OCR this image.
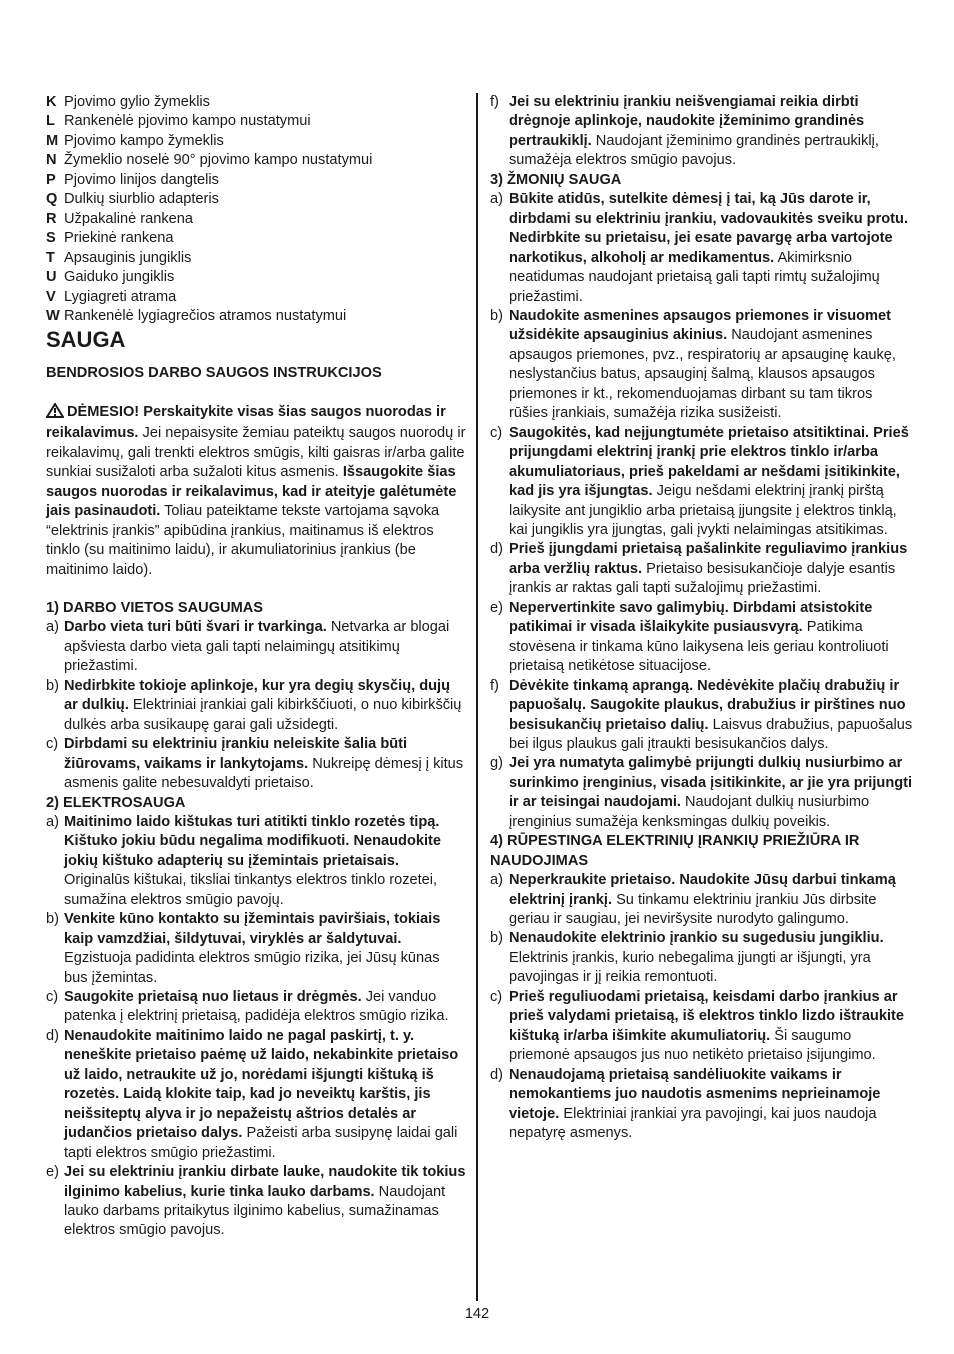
K Pjovimo gylio žymeklis
L Rankenėlė pjovimo kampo nustatymui
M Pjovimo kampo žymeklis
N Žymeklio noselė 90° pjovimo kampo nustatymui
P Pjovimo linijos dangtelis
Q Dulkių siurblio adapteris
R Užpakalinė rankena
S Priekinė rankena
T Apsauginis jungiklis
U Gaiduko jungiklis
V Lygiagreti atrama
W Rankenėlė lygiagrečios atramos nustatymui
SAUGA
BENDROSIOS DARBO SAUGOS INSTRUKCIJOS
DĖMESIO! Perskaitykite visas šias saugos nuorodas ir reikalavimus. Jei nepaisysite žemiau pateiktų saugos nuorodų ir reikalavimų, gali trenkti elektros smūgis, kilti gaisras ir/arba galite sunkiai susižaloti arba sužaloti kitus asmenis. Išsaugokite šias saugos nuorodas ir reikalavimus, kad ir ateityje galėtumėte jais pasinaudoti. Toliau pateiktame tekste vartojama sąvoka “elektrinis įrankis” apibūdina įrankius, maitinamus iš elektros tinklo (su maitinimo laidu), ir akumuliatorinius įrankius (be maitinimo laido).
1) DARBO VIETOS SAUGUMAS
a) Darbo vieta turi būti švari ir tvarkinga. Netvarka ar blogai apšviesta darbo vieta gali tapti nelaimingų atsitikimų priežastimi.
b) Nedirbkite tokioje aplinkoje, kur yra degių skysčių, dujų ar dulkių. Elektriniai įrankiai gali kibirkščiuoti, o nuo kibirkščių dulkės arba susikaupę garai gali užsidegti.
c) Dirbdami su elektriniu įrankiu neleiskite šalia būti žiūrovams, vaikams ir lankytojams. Nukreipę dėmesį į kitus asmenis galite nebesuvaldyti prietaiso.
2) ELEKTROSAUGA
a) Maitinimo laido kištukas turi atitikti tinklo rozetės tipą. Kištuko jokiu būdu negalima modifikuoti. Nenaudokite jokių kištuko adapterių su įžemintais prietaisais. Originalūs kištukai, tiksliai tinkantys elektros tinklo rozetei, sumažina elektros smūgio pavojų.
b) Venkite kūno kontakto su įžemintais paviršiais, tokiais kaip vamzdžiai, šildytuvai, viryklės ar šaldytuvai. Egzistuoja padidinta elektros smūgio rizika, jei Jūsų kūnas bus įžemintas.
c) Saugokite prietaisą nuo lietaus ir drėgmės. Jei vanduo patenka į elektrinį prietaisą, padidėja elektros smūgio rizika.
d) Nenaudokite maitinimo laido ne pagal paskirtį, t. y. neneškite prietaiso paėmę už laido, nekabinkite prietaiso už laido, netraukite už jo, norėdami išjungti kištuką iš rozetės. Laidą klokite taip, kad jo neveiktų karštis, jis neišsiteptų alyva ir jo nepažeistų aštrios detalės ar judančios prietaiso dalys. Pažeisti arba susipynę laidai gali tapti elektros smūgio priežastimi.
e) Jei su elektriniu įrankiu dirbate lauke, naudokite tik tokius ilginimo kabelius, kurie tinka lauko darbams. Naudojant lauko darbams pritaikytus ilginimo kabelius, sumažinamas elektros smūgio pavojus.
f) Jei su elektriniu įrankiu neišvengiamai reikia dirbti drėgnoje aplinkoje, naudokite įžeminimo grandinės pertraukiklį. Naudojant įžeminimo grandinės pertraukiklį, sumažėja elektros smūgio pavojus.
3) ŽMONIŲ SAUGA
a) Būkite atidūs, sutelkite dėmesį į tai, ką Jūs darote ir, dirbdami su elektriniu įrankiu, vadovaukitės sveiku protu. Nedirbkite su prietaisu, jei esate pavargę arba vartojote narkotikus, alkoholį ar medikamentus. Akimirksnio neatidumas naudojant prietaisą gali tapti rimtų sužalojimų priežastimi.
b) Naudokite asmenines apsaugos priemones ir visuomet užsidėkite apsauginius akinius. Naudojant asmenines apsaugos priemones, pvz., respiratorių ar apsauginę kaukę, neslystančius batus, apsauginį šalmą, klausos apsaugos priemones ir kt., rekomenduojamas dirbant su tam tikros rūšies įrankiais, sumažėja rizika susižeisti.
c) Saugokitės, kad neįjungtumėte prietaiso atsitiktinai. Prieš prijungdami elektrinį įrankį prie elektros tinklo ir/arba akumuliatoriaus, prieš pakeldami ar nešdami įsitikinkite, kad jis yra išjungtas. Jeigu nešdami elektrinį įrankį pirštą laikysite ant jungiklio arba prietaisą įjungsite į elektros tinklą, kai jungiklis yra įjungtas, gali įvykti nelaimingas atsitikimas.
d) Prieš įjungdami prietaisą pašalinkite reguliavimo įrankius arba veržlių raktus. Prietaiso besisukančioje dalyje esantis įrankis ar raktas gali tapti sužalojimų priežastimi.
e) Nepervertinkite savo galimybių. Dirbdami atsistokite patikimai ir visada išlaikykite pusiausvyrą. Patikima stovėsena ir tinkama kūno laikysena leis geriau kontroliuoti prietaisą netikėtose situacijose.
f) Dėvėkite tinkamą aprangą. Nedėvėkite plačių drabužių ir papuošalų. Saugokite plaukus, drabužius ir pirštines nuo besisukančių prietaiso dalių. Laisvus drabužius, papuošalus bei ilgus plaukus gali įtraukti besisukančios dalys.
g) Jei yra numatyta galimybė prijungti dulkių nusiurbimo ar surinkimo įrenginius, visada įsitikinkite, ar jie yra prijungti ir ar teisingai naudojami. Naudojant dulkių nusiurbimo įrenginius sumažėja kenksmingas dulkių poveikis.
4) RŪPESTINGA ELEKTRINIŲ ĮRANKIŲ PRIEŽIŪRA IR NAUDOJIMAS
a) Neperkraukite prietaiso. Naudokite Jūsų darbui tinkamą elektrinį įrankį. Su tinkamu elektriniu įrankiu Jūs dirbsite geriau ir saugiau, jei neviršysite nurodyto galingumo.
b) Nenaudokite elektrinio įrankio su sugedusiu jungikliu. Elektrinis įrankis, kurio nebegalima įjungti ar išjungti, yra pavojingas ir jį reikia remontuoti.
c) Prieš reguliuodami prietaisą, keisdami darbo įrankius ar prieš valydami prietaisą, iš elektros tinklo lizdo ištraukite kištuką ir/arba išimkite akumuliatorių. Ši saugumo priemonė apsaugos jus nuo netikėto prietaiso įsijungimo.
d) Nenaudojamą prietaisą sandėliuokite vaikams ir nemokantiems juo naudotis asmenims neprieinamoje vietoje. Elektriniai įrankiai yra pavojingi, kai juos naudoja nepatyrę asmenys.
142
